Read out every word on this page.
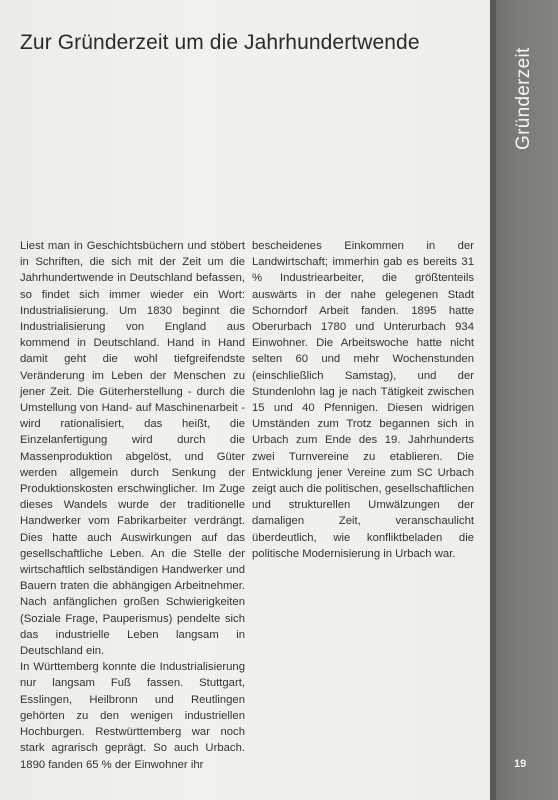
Zur Gründerzeit um die Jahrhundertwende

Liest man in Geschichtsbüchern und stöbert in Schriften, die sich mit der Zeit um die Jahrhundertwende in Deutschland befassen, so findet sich immer wieder ein Wort: Industrialisierung. Um 1830 beginnt die Industrialisierung von England aus kommend in Deutschland. Hand in Hand damit geht die wohl tiefgreifendste Veränderung im Leben der Menschen zu jener Zeit. Die Güterherstellung - durch die Umstellung von Hand- auf Maschinenarbeit - wird rationalisiert, das heißt, die Einzelanfertigung wird durch die Massenproduktion abgelöst, und Güter werden allgemein durch Senkung der Produktionskosten erschwinglicher. Im Zuge dieses Wandels wurde der traditionelle Handwerker vom Fabrikarbeiter verdrängt. Dies hatte auch Auswirkungen auf das gesellschaftliche Leben. An die Stelle der wirtschaftlich selbständigen Handwerker und Bauern traten die abhängigen Arbeitnehmer. Nach anfänglichen großen Schwierigkeiten (Soziale Frage, Pauperismus) pendelte sich das industrielle Leben langsam in Deutschland ein.

In Württemberg konnte die Industrialisierung nur langsam Fuß fassen. Stuttgart, Esslingen, Heilbronn und Reutlingen gehörten zu den wenigen industriellen Hochburgen. Restwürttemberg war noch stark agrarisch geprägt. So auch Urbach. 1890 fanden 65 % der Einwohner ihr

bescheidenes Einkommen in der Landwirtschaft; immerhin gab es bereits 31 % Industriearbeiter, die größtenteils auswärts in der nahe gelegenen Stadt Schorndorf Arbeit fanden. 1895 hatte Oberurbach 1780 und Unterurbach 934 Einwohner. Die Arbeitswoche hatte nicht selten 60 und mehr Wochenstunden (einschließlich Samstag), und der Stundenlohn lag je nach Tätigkeit zwischen 15 und 40 Pfennigen. Diesen widrigen Umständen zum Trotz begannen sich in Urbach zum Ende des 19. Jahrhunderts zwei Turnvereine zu etablieren. Die Entwicklung jener Vereine zum SC Urbach zeigt auch die politischen, gesellschaftlichen und strukturellen Umwälzungen der damaligen Zeit, veranschaulicht überdeutlich, wie konfliktbeladen die politische Modernisierung in Urbach war.

Gründerzeit
19
